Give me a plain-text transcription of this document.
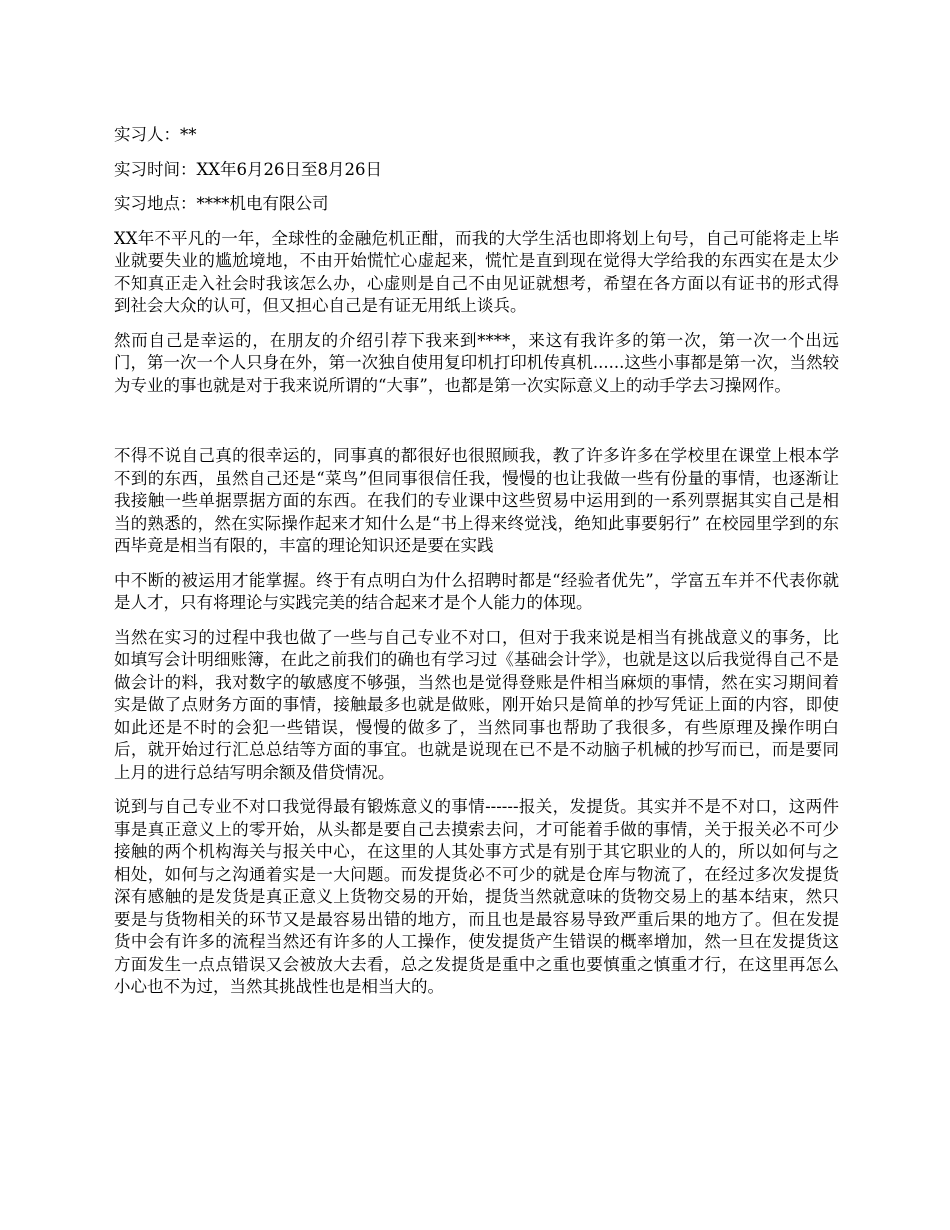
实习人：**

实习时间：XX年6月26日至8月26日

实习地点：****机电有限公司

XX年不平凡的一年，全球性的金融危机正酣，而我的大学生活也即将划上句号，自己可能将走上毕业就要失业的尴尬境地，不由开始慌忙心虚起来，慌忙是直到现在觉得大学给我的东西实在是太少不知真正走入社会时我该怎么办，心虚则是自己不由见证就想考，希望在各方面以有证书的形式得到社会大众的认可，但又担心自己是有证无用纸上谈兵。

然而自己是幸运的，在朋友的介绍引荐下我来到****，来这有我许多的第一次，第一次一个出远门，第一次一个人只身在外，第一次独自使用复印机打印机传真机......这些小事都是第一次，当然较为专业的事也就是对于我来说所谓的“大事”，也都是第一次实际意义上的动手学去习操网作。

不得不说自己真的很幸运的，同事真的都很好也很照顾我，教了许多许多在学校里在课堂上根本学不到的东西，虽然自己还是“菜鸟”但同事很信任我，慢慢的也让我做一些有份量的事情，也逐渐让我接触一些单据票据方面的东西。在我们的专业课中这些贸易中运用到的一系列票据其实自己是相当的熟悉的，然在实际操作起来才知什么是“书上得来终觉浅，绝知此事要躬行” 在校园里学到的东西毕竟是相当有限的，丰富的理论知识还是要在实践

中不断的被运用才能掌握。终于有点明白为什么招聘时都是“经验者优先”，学富五车并不代表你就是人才，只有将理论与实践完美的结合起来才是个人能力的体现。

当然在实习的过程中我也做了一些与自己专业不对口，但对于我来说是相当有挑战意义的事务，比如填写会计明细账簿，在此之前我们的确也有学习过《基础会计学》，也就是这以后我觉得自己不是做会计的料，我对数字的敏感度不够强，当然也是觉得登账是件相当麻烦的事情，然在实习期间着实是做了点财务方面的事情，接触最多也就是做账，刚开始只是简单的抄写凭证上面的内容，即使如此还是不时的会犯一些错误，慢慢的做多了，当然同事也帮助了我很多，有些原理及操作明白后，就开始过行汇总总结等方面的事宜。也就是说现在已不是不动脑子机械的抄写而已，而是要同上月的进行总结写明余额及借贷情况。

说到与自己专业不对口我觉得最有锻炼意义的事情------报关，发提货。其实并不是不对口，这两件事是真正意义上的零开始，从头都是要自己去摸索去问，才可能着手做的事情，关于报关必不可少接触的两个机构海关与报关中心，在这里的人其处事方式是有别于其它职业的人的，所以如何与之相处，如何与之沟通着实是一大问题。而发提货必不可少的就是仓库与物流了，在经过多次发提货深有感触的是发货是真正意义上货物交易的开始，提货当然就意味的货物交易上的基本结束，然只要是与货物相关的环节又是最容易出错的地方，而且也是最容易导致严重后果的地方了。但在发提货中会有许多的流程当然还有许多的人工操作，使发提货产生错误的概率增加，然一旦在发提货这方面发生一点点错误又会被放大去看，总之发提货是重中之重也要慎重之慎重才行，在这里再怎么小心也不为过，当然其挑战性也是相当大的。
